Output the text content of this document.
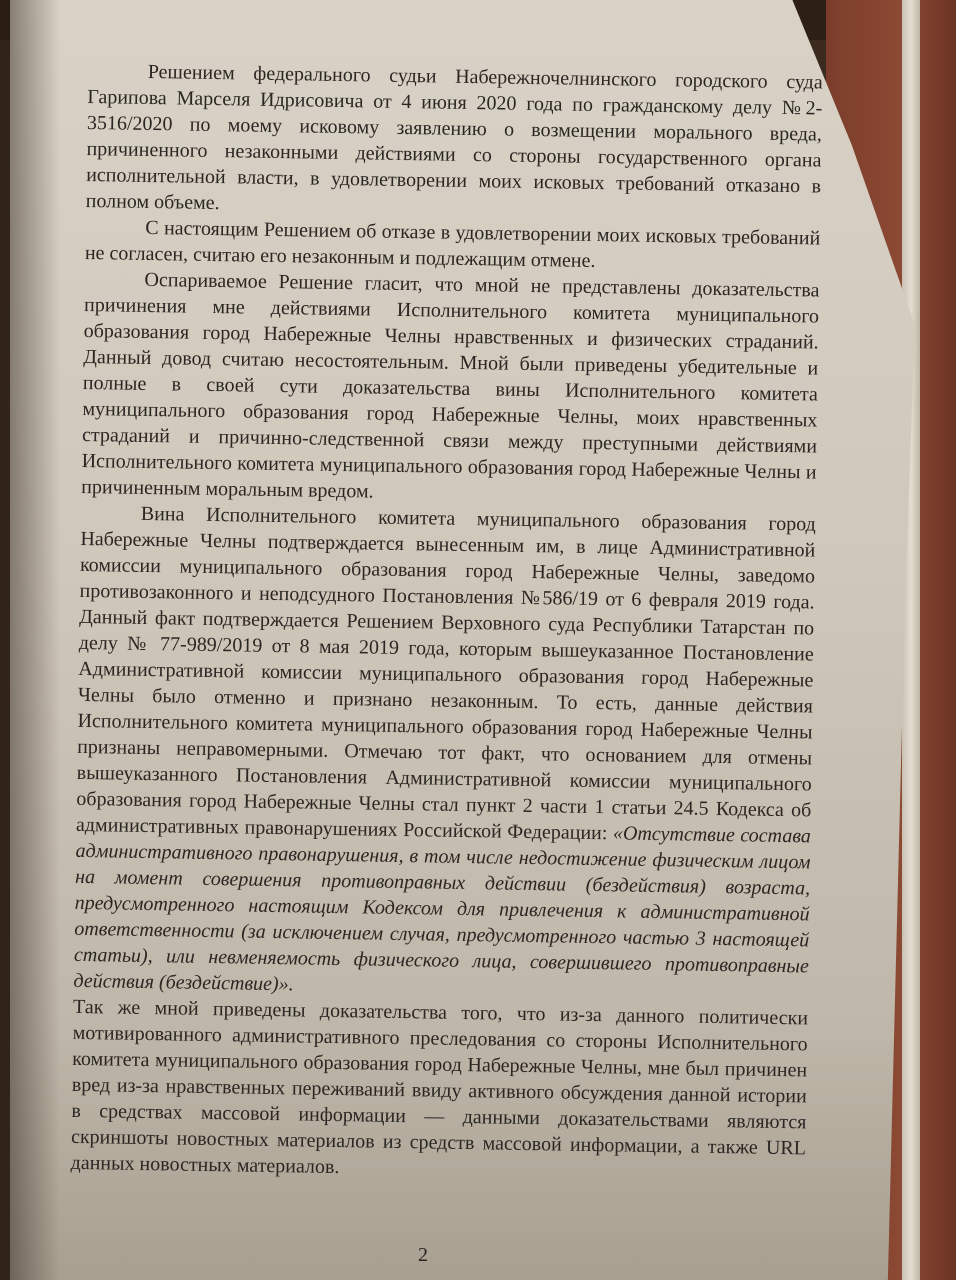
Решением федерального судьи Набережночелнинского городского суда Гарипова Марселя Идрисовича от 4 июня 2020 года по гражданскому делу №2-3516/2020 по моему исковому заявлению о возмещении морального вреда, причиненного незаконными действиями со стороны государственного органа исполнительной власти, в удовлетворении моих исковых требований отказано в полном объеме.

С настоящим Решением об отказе в удовлетворении моих исковых требований не согласен, считаю его незаконным и подлежащим отмене.

Оспариваемое Решение гласит, что мной не представлены доказательства причинения мне действиями Исполнительного комитета муниципального образования город Набережные Челны нравственных и физических страданий. Данный довод считаю несостоятельным. Мной были приведены убедительные и полные в своей сути доказательства вины Исполнительного комитета муниципального образования город Набережные Челны, моих нравственных страданий и причинно-следственной связи между преступными действиями Исполнительного комитета муниципального образования город Набережные Челны и причиненным моральным вредом.

Вина Исполнительного комитета муниципального образования город Набережные Челны подтверждается вынесенным им, в лице Административной комиссии муниципального образования город Набережные Челны, заведомо противозаконного и неподсудного Постановления №586/19 от 6 февраля 2019 года. Данный факт подтверждается Решением Верховного суда Республики Татарстан по делу № 77-989/2019 от 8 мая 2019 года, которым вышеуказанное Постановление Административной комиссии муниципального образования город Набережные Челны было отменно и признано незаконным. То есть, данные действия Исполнительного комитета муниципального образования город Набережные Челны признаны неправомерными. Отмечаю тот факт, что основанием для отмены вышеуказанного Постановления Административной комиссии муниципального образования город Набережные Челны стал пункт 2 части 1 статьи 24.5 Кодекса об административных правонарушениях Российской Федерации: «Отсутствие состава административного правонарушения, в том числе недостижение физическим лицом на момент совершения противоправных действии (бездействия) возраста, предусмотренного настоящим Кодексом для привлечения к административной ответственности (за исключением случая, предусмотренного частью 3 настоящей статьи), или невменяемость физического лица, совершившего противоправные действия (бездействие)».

Так же мной приведены доказательства того, что из-за данного политически мотивированного административного преследования со стороны Исполнительного комитета муниципального образования город Набережные Челны, мне был причинен вред из-за нравственных переживаний ввиду активного обсуждения данной истории в средствах массовой информации — данными доказательствами являются скриншоты новостных материалов из средств массовой информации, а также URL данных новостных материалов.

2
